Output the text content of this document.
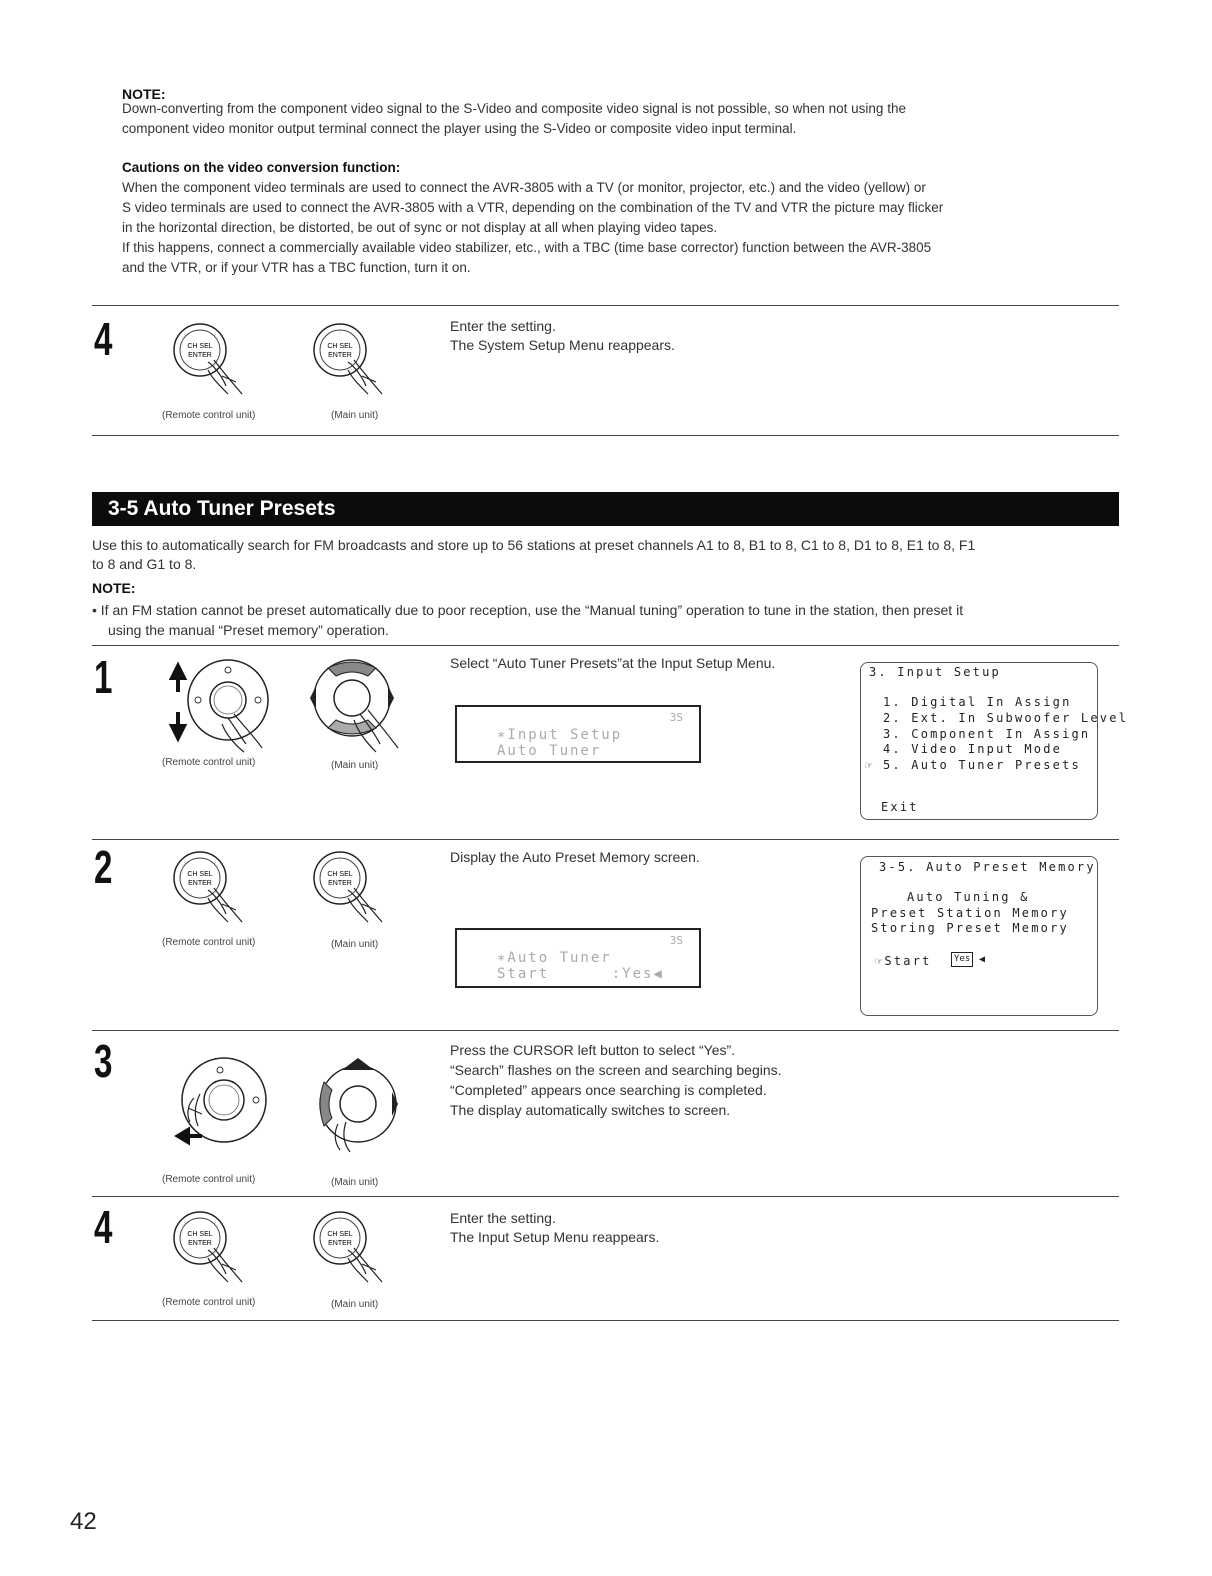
NOTE:
Down-converting from the component video signal to the S-Video and composite video signal is not possible, so when not using the
component video monitor output terminal connect the player using the S-Video or composite video input terminal.
Cautions on the video conversion function:
When the component video terminals are used to connect the AVR-3805 with a TV (or monitor, projector, etc.) and the video (yellow) or
S video terminals are used to connect the AVR-3805 with a VTR, depending on the combination of the TV and VTR the picture may flicker
in the horizontal direction, be distorted, be out of sync or not display at all when playing video tapes.
If this happens, connect a commercially available video stabilizer, etc., with a TBC (time base corrector) function between the AVR-3805
and the VTR, or if your VTR has a TBC function, turn it on.
4	CH SEL
ENTER
CH SEL
ENTER
(Remote control unit)	(Main unit)
Enter the setting.
The System Setup Menu reappears.
3-5 Auto Tuner Presets
Use this to automatically search for FM broadcasts and store up to 56 stations at preset channels A1 to 8, B1 to 8, C1 to 8, D1 to 8, E1 to 8, F1
to 8 and G1 to 8.
NOTE:
• If an FM station cannot be preset automatically due to poor reception, use the “Manual tuning” operation to tune in the station, then preset it
using the manual “Preset memory” operation.
1
(Remote control unit)	(Main unit)
Select “Auto Tuner Presets”at the Input Setup Menu.
3S
∗Input Setup
Auto Tuner
3. Input Setup
1. Digital In Assign
2. Ext. In Subwoofer Level
3. Component In Assign
4. Video Input Mode
☞ 5. Auto Tuner Presets
Exit
2	CH SEL
ENTER
CH SEL
ENTER
(Remote control unit)	(Main unit)
Display the Auto Preset Memory screen.
3S
∗Auto Tuner
Start      :Yes◀
3-5. Auto Preset Memory
Auto Tuning &
Preset Station Memory
Storing Preset Memory
☞Start	Yes ◀
3
(Remote control unit)	(Main unit)
Press the CURSOR left button to select “Yes”.
“Search” flashes on the screen and searching begins.
“Completed” appears once searching is completed.
The display automatically switches to screen.
4	CH SEL
ENTER
CH SEL
ENTER
(Remote control unit)	(Main unit)
Enter the setting.
The Input Setup Menu reappears.
42
